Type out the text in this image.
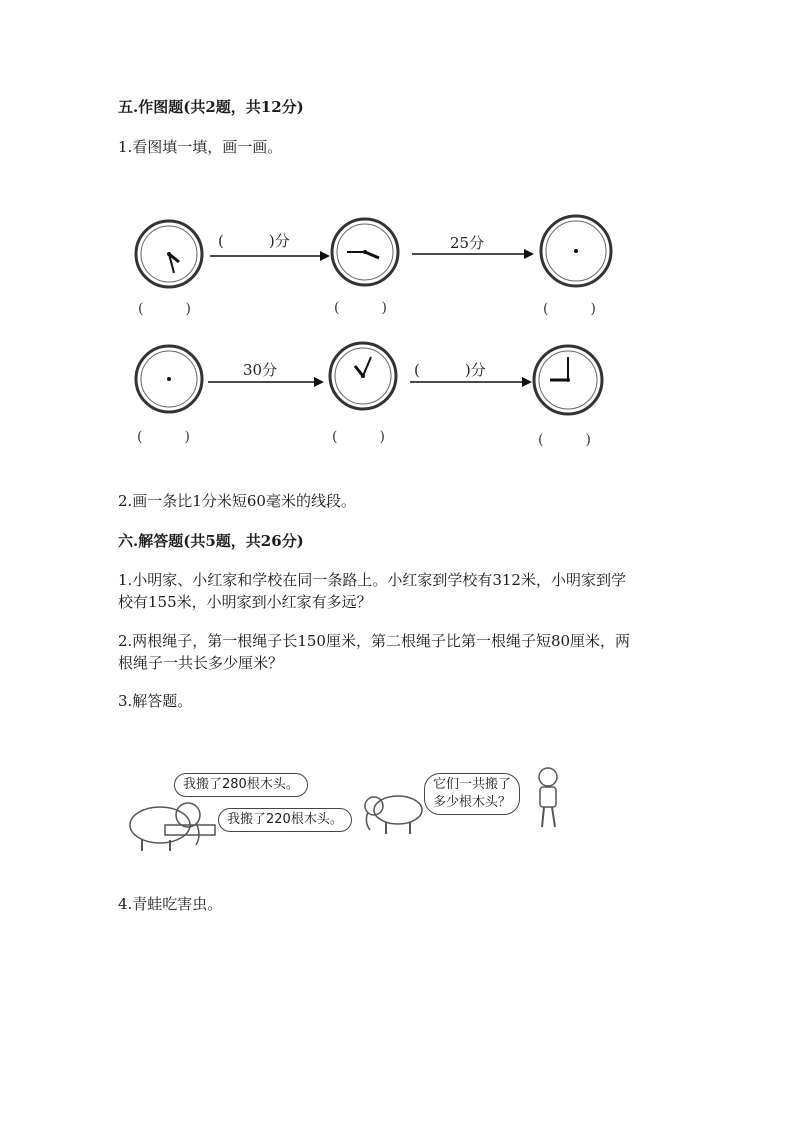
五.作图题(共2题，共12分)
1.看图填一填，画一画。
(　　　)分	25分
(　　　)	(　　　)	(　　　)
30分	(　　　)分
(　　　)	(　　　)	(　　　)
2.画一条比1分米短60毫米的线段。
六.解答题(共5题，共26分)
1.小明家、小红家和学校在同一条路上。小红家到学校有312米，小明家到学
校有155米，小明家到小红家有多远？
2.两根绳子，第一根绳子长150厘米，第二根绳子比第一根绳子短80厘米，两
根绳子一共长多少厘米？
3.解答题。
我搬了280根木头。
我搬了220根木头。
它们一共搬了
多少根木头？
4.青蛙吃害虫。
